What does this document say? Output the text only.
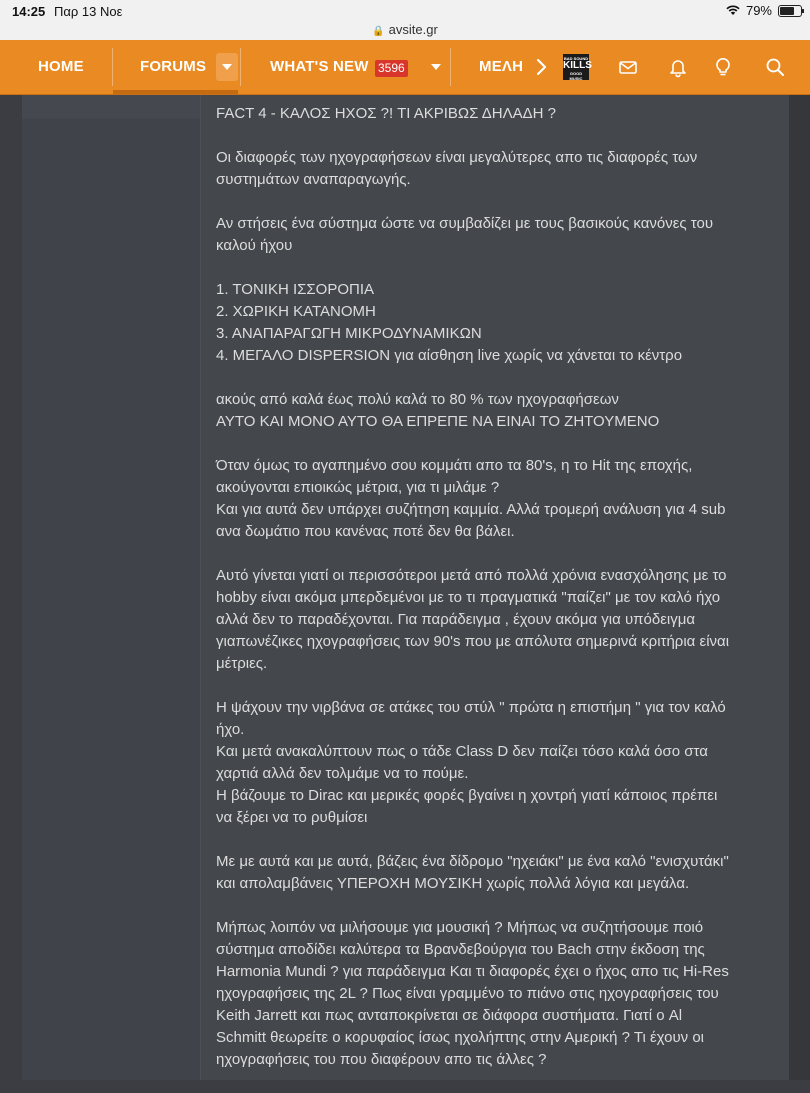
14:25 Παρ 13 Νοε
🔒 avsite.gr
79%
HOME	FORUMS	WHAT'S NEW 3596	ΜΕΛΗ	BAD SOUND
KILLS
GOOD MUSIC

FACT 4 - ΚΑΛΟΣ ΗΧΟΣ ?! ΤΙ ΑΚΡΙΒΩΣ ΔΗΛΑΔΗ ?

Οι διαφορές των ηχογραφήσεων είναι μεγαλύτερες απο τις διαφορές των
συστημάτων αναπαραγωγής.

Αν στήσεις ένα σύστημα ώστε να συμβαδίζει με τους βασικούς κανόνες του
καλού ήχου

1. ΤΟΝΙΚΗ ΙΣΣΟΡΟΠΙΑ
2. ΧΩΡΙΚΗ ΚΑΤΑΝΟΜΗ
3. ΑΝΑΠΑΡΑΓΩΓΗ ΜΙΚΡΟΔΥΝΑΜΙΚΩΝ
4. ΜΕΓΑΛΟ DISPERSION για αίσθηση live χωρίς να χάνεται το κέντρο

ακούς από καλά έως πολύ καλά το 80 % των ηχογραφήσεων
ΑΥΤΟ ΚΑΙ ΜΟΝΟ ΑΥΤΟ ΘΑ ΕΠΡΕΠΕ ΝΑ ΕΙΝΑΙ ΤΟ ΖΗΤΟΥΜΕΝΟ

Όταν όμως το αγαπημένο σου κομμάτι απο τα 80's, η το Hit της εποχής,
ακούγονται επιοικώς μέτρια, για τι μιλάμε ?
Και για αυτά δεν υπάρχει συζήτηση καμμία. Αλλά τρομερή ανάλυση για 4 sub
ανα δωμάτιο που κανένας ποτέ δεν θα βάλει.

Αυτό γίνεται γιατί οι περισσότεροι μετά από πολλά χρόνια ενασχόλησης με το
hobby είναι ακόμα μπερδεμένοι με το τι πραγματικά "παίζει" με τον καλό ήχο
αλλά δεν το παραδέχονται. Για παράδειγμα , έχουν ακόμα για υπόδειγμα
γιαπωνέζικες ηχογραφήσεις των 90's που με απόλυτα σημερινά κριτήρια είναι
μέτριες.

Η ψάχουν την νιρβάνα σε ατάκες του στύλ " πρώτα η επιστήμη " για τον καλό
ήχο.
Και μετά ανακαλύπτουν πως ο τάδε Class D δεν παίζει τόσο καλά όσο στα
χαρτιά αλλά δεν τολμάμε να το πούμε.
Η βάζουμε το Dirac και μερικές φορές βγαίνει η χοντρή γιατί κάποιος πρέπει
να ξέρει να το ρυθμίσει

Με με αυτά και με αυτά, βάζεις ένα δίδρομο "ηχειάκι" με ένα καλό "ενισχυτάκι"
και απολαμβάνεις ΥΠΕΡΟΧΗ ΜΟΥΣΙΚΗ χωρίς πολλά λόγια και μεγάλα.

Μήπως λοιπόν να μιλήσουμε για μουσική ? Μήπως να συζητήσουμε ποιό
σύστημα αποδίδει καλύτερα τα Βρανδεβούργια του Bach στην έκδοση της
Harmonia Mundi ? για παράδειγμα Και τι διαφορές έχει ο ήχος απο τις Hi-Res
ηχογραφήσεις της 2L ? Πως είναι γραμμένο το πιάνο στις ηχογραφήσεις του
Keith Jarrett και πως ανταποκρίνεται σε διάφορα συστήματα. Γιατί ο Al
Schmitt θεωρείτε ο κορυφαίος ίσως ηχολήπτης στην Αμερική ? Τι έχουν οι
ηχογραφήσεις του που διαφέρουν απο τις άλλες ?
